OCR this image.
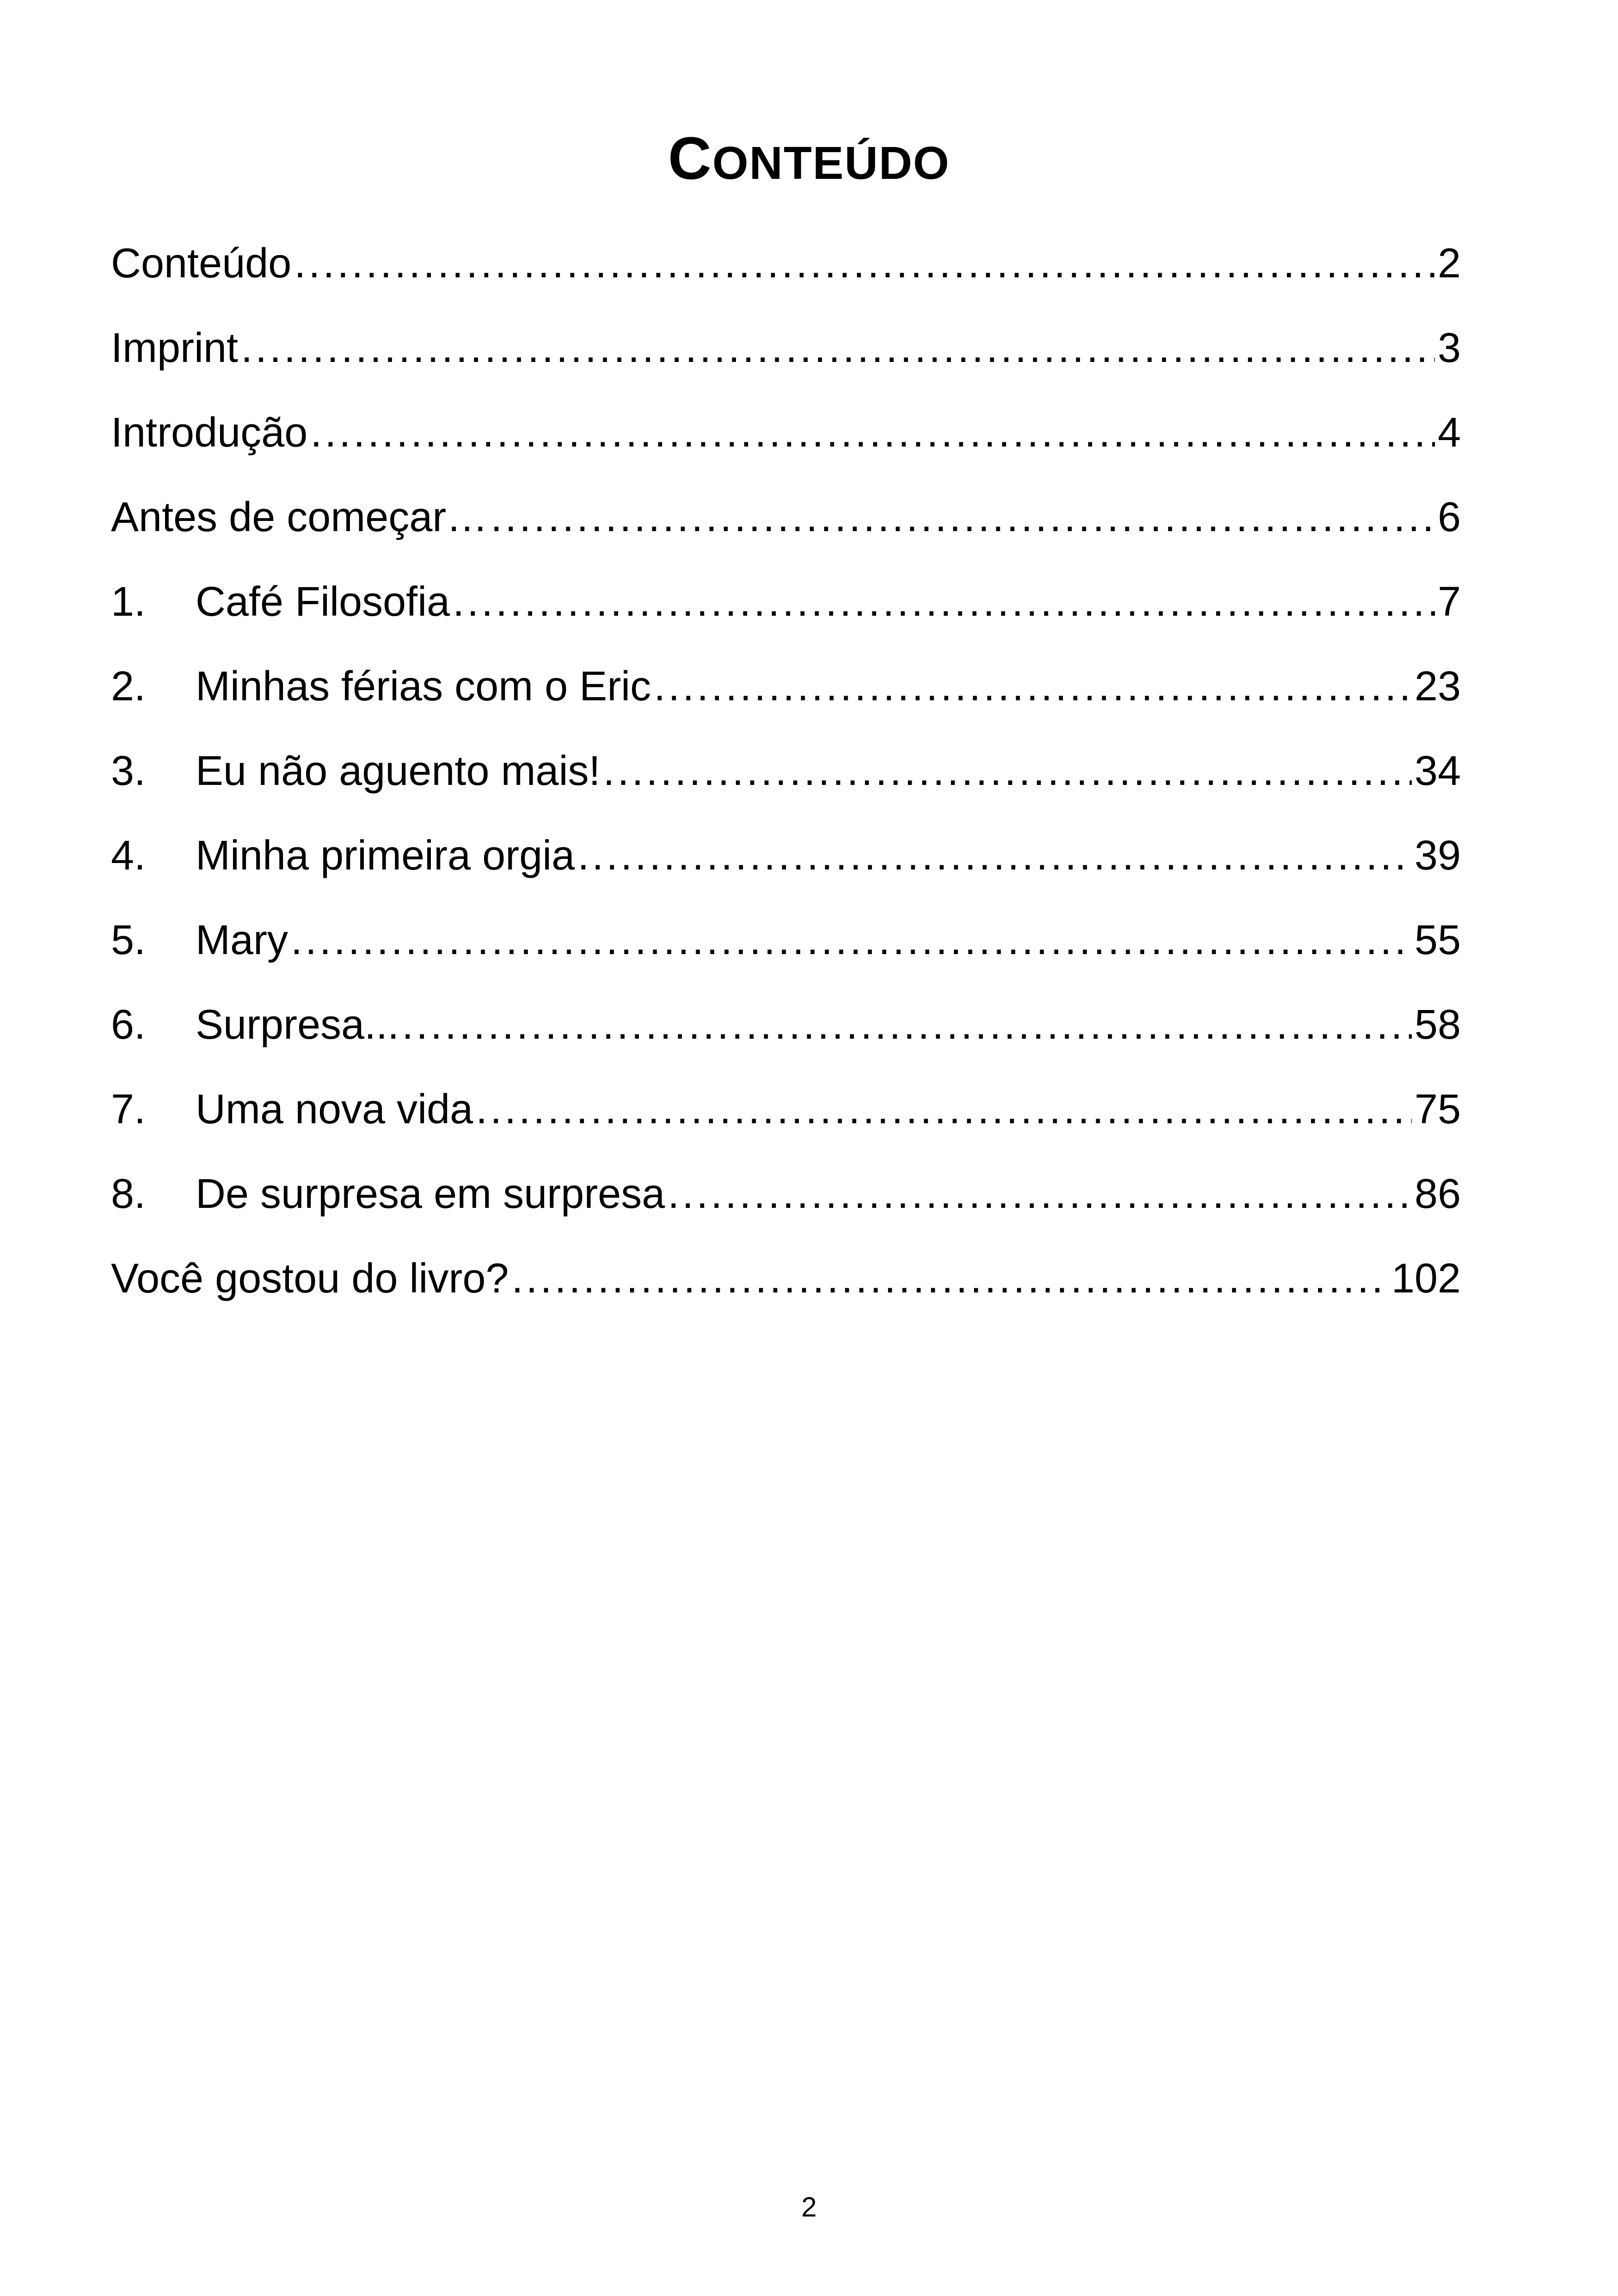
CONTEÚDO
Conteúdo .....	2
Imprint .....	3
Introdução .....	4
Antes de começar… .....	6
1.	Café Filosofia .....	7
2.	Minhas férias com o Eric .....	23
3.	Eu não aguento mais! .....	34
4.	Minha primeira orgia .....	39
5.	Mary .....	55
6.	Surpresa... .....	58
7.	Uma nova vida .....	75
8.	De surpresa em surpresa .....	86
Você gostou do livro? .....	102
2
